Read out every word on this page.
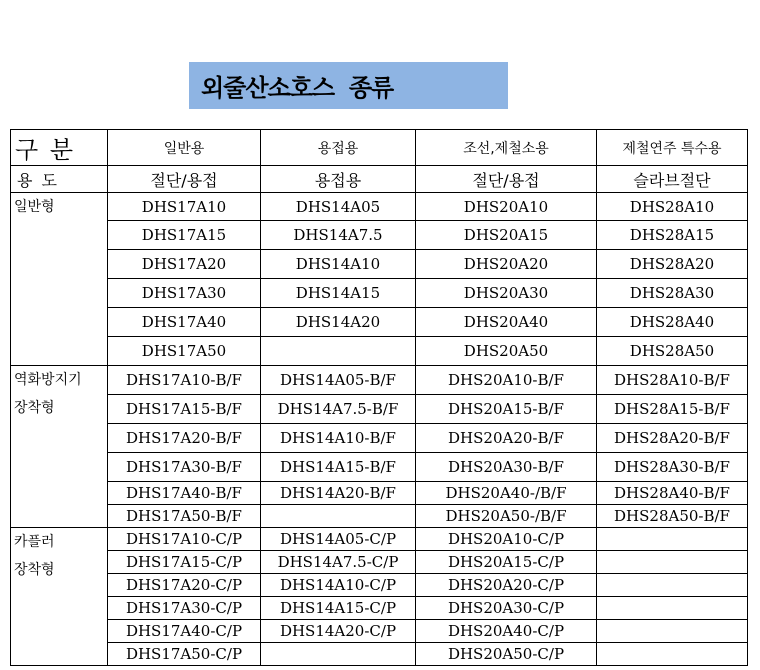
외줄산소호스  종류
구 분	일반용	용접용	조선,제철소용	제철연주 특수용
용 도	절단/용접	용접용	절단/용접	슬라브절단

일반형	DHS17A10	DHS14A05	DHS20A10	DHS28A10
	DHS17A15	DHS14A7.5	DHS20A15	DHS28A15
	DHS17A20	DHS14A10	DHS20A20	DHS28A20
	DHS17A30	DHS14A15	DHS20A30	DHS28A30
	DHS17A40	DHS14A20	DHS20A40	DHS28A40
	DHS17A50		DHS20A50	DHS28A50

역화방지기
장착형	DHS17A10-B/F	DHS14A05-B/F	DHS20A10-B/F	DHS28A10-B/F
	DHS17A15-B/F	DHS14A7.5-B/F	DHS20A15-B/F	DHS28A15-B/F
	DHS17A20-B/F	DHS14A10-B/F	DHS20A20-B/F	DHS28A20-B/F
	DHS17A30-B/F	DHS14A15-B/F	DHS20A30-B/F	DHS28A30-B/F
	DHS17A40-B/F	DHS14A20-B/F	DHS20A40-/B/F	DHS28A40-B/F
	DHS17A50-B/F		DHS20A50-/B/F	DHS28A50-B/F

카플러
장착형	DHS17A10-C/P	DHS14A05-C/P	DHS20A10-C/P	
	DHS17A15-C/P	DHS14A7.5-C/P	DHS20A15-C/P	
	DHS17A20-C/P	DHS14A10-C/P	DHS20A20-C/P	
	DHS17A30-C/P	DHS14A15-C/P	DHS20A30-C/P	
	DHS17A40-C/P	DHS14A20-C/P	DHS20A40-C/P	
	DHS17A50-C/P		DHS20A50-C/P	
